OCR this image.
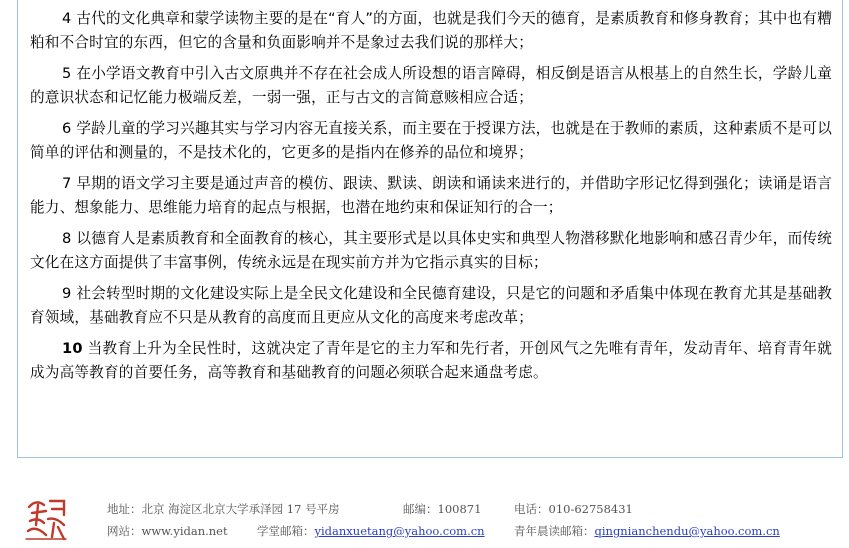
4 古代的文化典章和蒙学读物主要的是在“育人”的方面，也就是我们今天的德育，是素质教育和修身教育；其中也有糟粕和不合时宜的东西，但它的含量和负面影响并不是象过去我们说的那样大；

5 在小学语文教育中引入古文原典并不存在社会成人所设想的语言障碍，相反倒是语言从根基上的自然生长，学龄儿童的意识状态和记忆能力极端反差，一弱一强，正与古文的言简意赅相应合适；

6 学龄儿童的学习兴趣其实与学习内容无直接关系，而主要在于授课方法，也就是在于教师的素质，这种素质不是可以简单的评估和测量的，不是技术化的，它更多的是指内在修养的品位和境界；

7 早期的语文学习主要是通过声音的模仿、跟读、默读、朗读和诵读来进行的，并借助字形记忆得到强化；读诵是语言能力、想象能力、思维能力培育的起点与根据，也潜在地约束和保证知行的合一；

8 以德育人是素质教育和全面教育的核心，其主要形式是以具体史实和典型人物潜移默化地影响和感召青少年，而传统文化在这方面提供了丰富事例，传统永远是在现实前方并为它指示真实的目标；

9 社会转型时期的文化建设实际上是全民文化建设和全民德育建设，只是它的问题和矛盾集中体现在教育尤其是基础教育领域，基础教育应不只是从教育的高度而且更应从文化的高度来考虑改革；

10 当教育上升为全民性时，这就决定了青年是它的主力军和先行者，开创风气之先唯有青年，发动青年、培育青年就成为高等教育的首要任务，高等教育和基础教育的问题必须联合起来通盘考虑。

地址：北京 海淀区北京大学承泽园 17 号平房	邮编：100871	电话：010-62758431
网站：www.yidan.net	学堂邮箱：yidanxuetang@yahoo.com.cn	青年晨读邮箱：qingnianchendu@yahoo.com.cn
